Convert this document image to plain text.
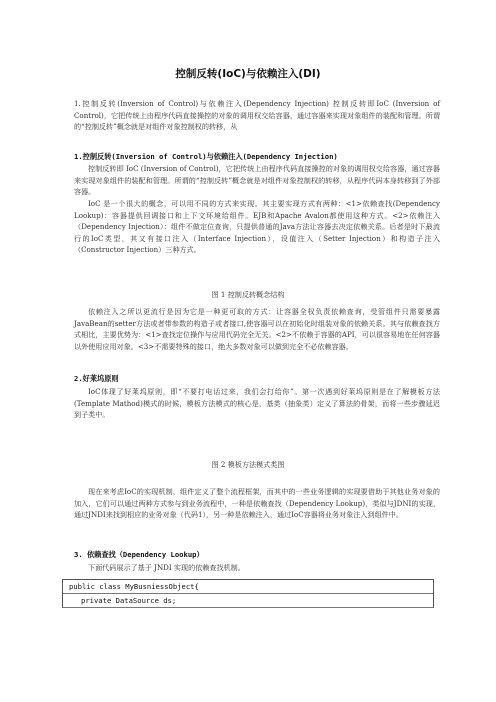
控制反转(IoC)与依赖注入(DI)
1.控制反转(Inversion of Control)与依赖注入(Dependency Injection) 控制反转即IoC (Inversion of Control)，它把传统上由程序代码直接操控的对象的调用权交给容器，通过容器来实现对象组件的装配和管理。所谓的“控制反转”概念就是对组件对象控制权的转移，从
1.控制反转(Inversion of Control)与依赖注入(Dependency Injection)
控制反转即 IoC (Inversion of Control)，它把传统上由程序代码直接操控的对象的调用权交给容器，通过容器来实现对象组件的装配和管理。所谓的“控制反转”概念就是对组件对象控制权的转移，从程序代码本身转移到了外部容器。
IoC 是一个很大的概念，可以用不同的方式来实现。其主要实现方式有两种：<1>依赖查找(Dependency Lookup)：容器提供回调接口和上下文环境给组件。EJB和Apache Avalon都使用这种方式。<2>依赖注入（Dependency Injection）：组件不做定位查询，只提供普通的Java方法让容器去决定依赖关系。后者是时下最流行的IoC类型，其又有接口注入（Interface Injection），设值注入（Setter Injection）和构造子注入（Constructor Injection）三种方式。
图 1 控制反转概念结构
依赖注入之所以更流行是因为它是一种更可取的方式：让容器全权负责依赖查询，受管组件只需要暴露JavaBean的setter方法或者带参数的构造子或者接口,使容器可以在初始化时组装对象的依赖关系。其与依赖查找方式相比，主要优势为：<1>查找定位操作与应用代码完全无关。<2>不依赖于容器的API，可以很容易地在任何容器以外使用应用对象。<3>不需要特殊的接口，绝大多数对象可以做到完全不必依赖容器。
2.好莱坞原则
IoC体现了好莱坞原则，即“不要打电话过来，我们会打给你”。第一次遇到好莱坞原则是在了解模板方法(Template Mathod)模式的时候，模板方法模式的核心是，基类（抽象类）定义了算法的骨架，而将一些步骤延迟到子类中。
图 2 模板方法模式类图
现在来考虑IoC的实现机制，组件定义了整个流程框架，而其中的一些业务逻辑的实现要借助于其他业务对象的加入，它们可以通过两种方式参与到业务流程中，一种是依赖查找（Dependency Lookup)，类似与JDNI的实现，通过JNDI来找到相应的业务对象（代码1），另一种是依赖注入，通过IoC容器将业务对象注入到组件中。
3. 依赖查找（Dependency Lookup）
下面代码展示了基于 JNDI 实现的依赖查找机制。
public class MyBusniessObject{
private DataSource ds;
